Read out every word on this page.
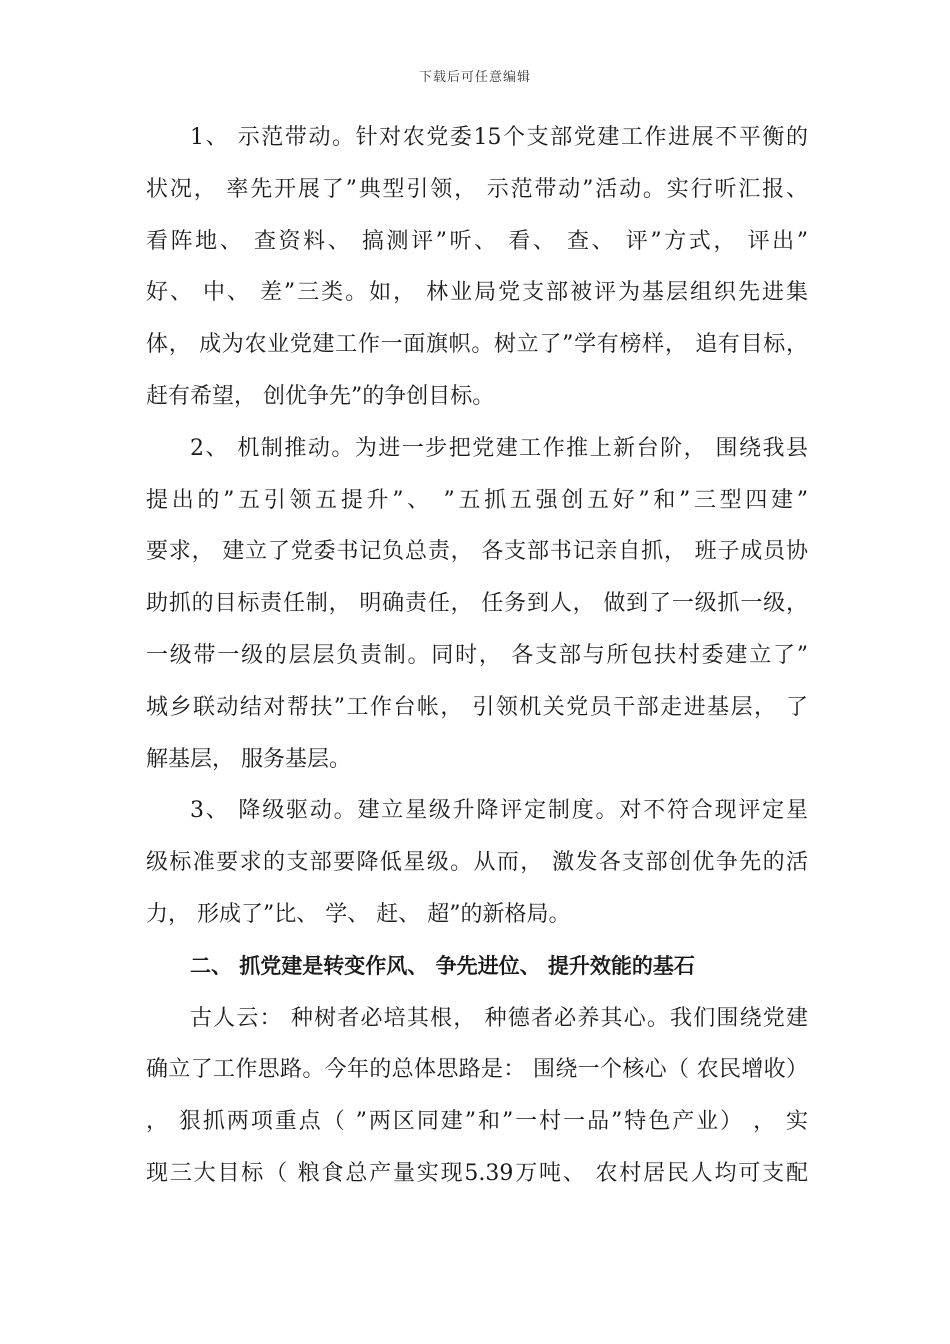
下载后可任意编辑
1、 示范带动。针对农党委15个支部党建工作进展不平衡的
状况， 率先开展了”典型引领， 示范带动”活动。实行听汇报、
看阵地、 查资料、 搞测评”听、 看、 查、 评”方式， 评出”
好、 中、 差”三类。如， 林业局党支部被评为基层组织先进集
体， 成为农业党建工作一面旗帜。树立了”学有榜样， 追有目标，
赶有希望， 创优争先”的争创目标。
2、 机制推动。为进一步把党建工作推上新台阶， 围绕我县
提出的”五引领五提升”、 ”五抓五强创五好”和”三型四建”
要求， 建立了党委书记负总责， 各支部书记亲自抓， 班子成员协
助抓的目标责任制， 明确责任， 任务到人， 做到了一级抓一级，
一级带一级的层层负责制。同时， 各支部与所包扶村委建立了”
城乡联动结对帮扶”工作台帐， 引领机关党员干部走进基层， 了
解基层， 服务基层。
3、 降级驱动。建立星级升降评定制度。对不符合现评定星
级标准要求的支部要降低星级。从而， 激发各支部创优争先的活
力， 形成了”比、 学、 赶、 超”的新格局。
二、 抓党建是转变作风、 争先进位、 提升效能的基石
古人云： 种树者必培其根， 种德者必养其心。我们围绕党建
确立了工作思路。今年的总体思路是： 围绕一个核心（ 农民增收）
， 狠抓两项重点（ ”两区同建”和”一村一品”特色产业） ， 实
现三大目标（ 粮食总产量实现5.39万吨、 农村居民人均可支配
